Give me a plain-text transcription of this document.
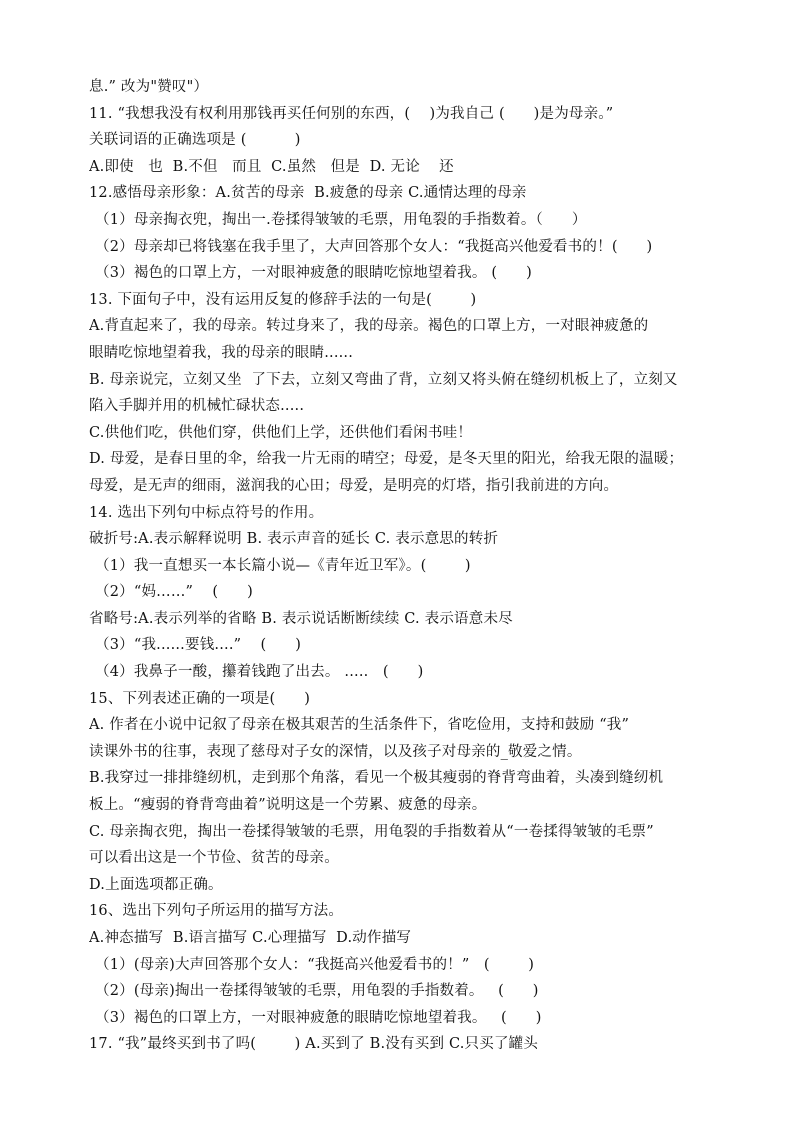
息.” 改为"赞叹"）
11. “我想我没有权利用那钱再买任何别的东西，(    )为我自己 (      )是为母亲。”
关联词语的正确选项是 (          )
A.即使   也  B.不但   而且  C.虽然   但是  D. 无论    还
12.感悟母亲形象：A.贫苦的母亲  B.疲惫的母亲 C.通情达理的母亲
（1）母亲掏衣兜，掏出一.卷揉得皱皱的毛票，用龟裂的手指数着。（      ）
（2）母亲却已将钱塞在我手里了，大声回答那个女人：“我挺高兴他爱看书的！(      )
（3）褐色的口罩上方，一对眼神疲惫的眼睛吃惊地望着我。 (      )
13. 下面句子中，没有运用反复的修辞手法的一句是(        )
A.背直起来了，我的母亲。转过身来了，我的母亲。褐色的口罩上方，一对眼神疲惫的
眼睛吃惊地望着我，我的母亲的眼睛......
B. 母亲说完，立刻又坐  了下去，立刻又弯曲了背，立刻又将头俯在缝纫机板上了，立刻又
陷入手脚并用的机械忙碌状态.....
C.供他们吃，供他们穿，供他们上学，还供他们看闲书哇！
D. 母爱，是春日里的伞，给我一片无雨的晴空；母爱，是冬天里的阳光，给我无限的温暖；
母爱，是无声的细雨，滋润我的心田；母爱，是明亮的灯塔，指引我前进的方向。
14. 选出下列句中标点符号的作用。
破折号:A.表示解释说明 B. 表示声音的延长 C. 表示意思的转折
（1）我一直想买一本长篇小说—《青年近卫军》。(        )
（2）“妈……”    (      )
省略号:A.表示列举的省略 B. 表示说话断断续续 C. 表示语意未尽
（3）“我......要钱....”    (      )
（4）我鼻子一酸，攥着钱跑了出去。 .....   (      )
15、下列表述正确的一项是(      )
A. 作者在小说中记叙了母亲在极其艰苦的生活条件下，省吃俭用，支持和鼓励 “我”
读课外书的往事，表现了慈母对子女的深情，以及孩子对母亲的_敬爱之情。
B.我穿过一排排缝纫机，走到那个角落，看见一个极其瘦弱的脊背弯曲着，头凑到缝纫机
板上。“瘦弱的脊背弯曲着”说明这是一个劳累、疲惫的母亲。
C. 母亲掏衣兜，掏出一卷揉得皱皱的毛票，用龟裂的手指数着从“一卷揉得皱皱的毛票”
可以看出这是一个节俭、贫苦的母亲。
D.上面选项都正确。
16、选出下列句子所运用的描写方法。
A.神态描写  B.语言描写 C.心理描写  D.动作描写
（1）(母亲)大声回答那个女人：“我挺高兴他爱看书的！”   (        )
（2）(母亲)掏出一卷揉得皱皱的毛票，用龟裂的手指数着。   (      )
（3）褐色的口罩上方，一对眼神疲惫的眼睛吃惊地望着我。   (      )
17. “我”最终买到书了吗(        ) A.买到了 B.没有买到 C.只买了罐头
